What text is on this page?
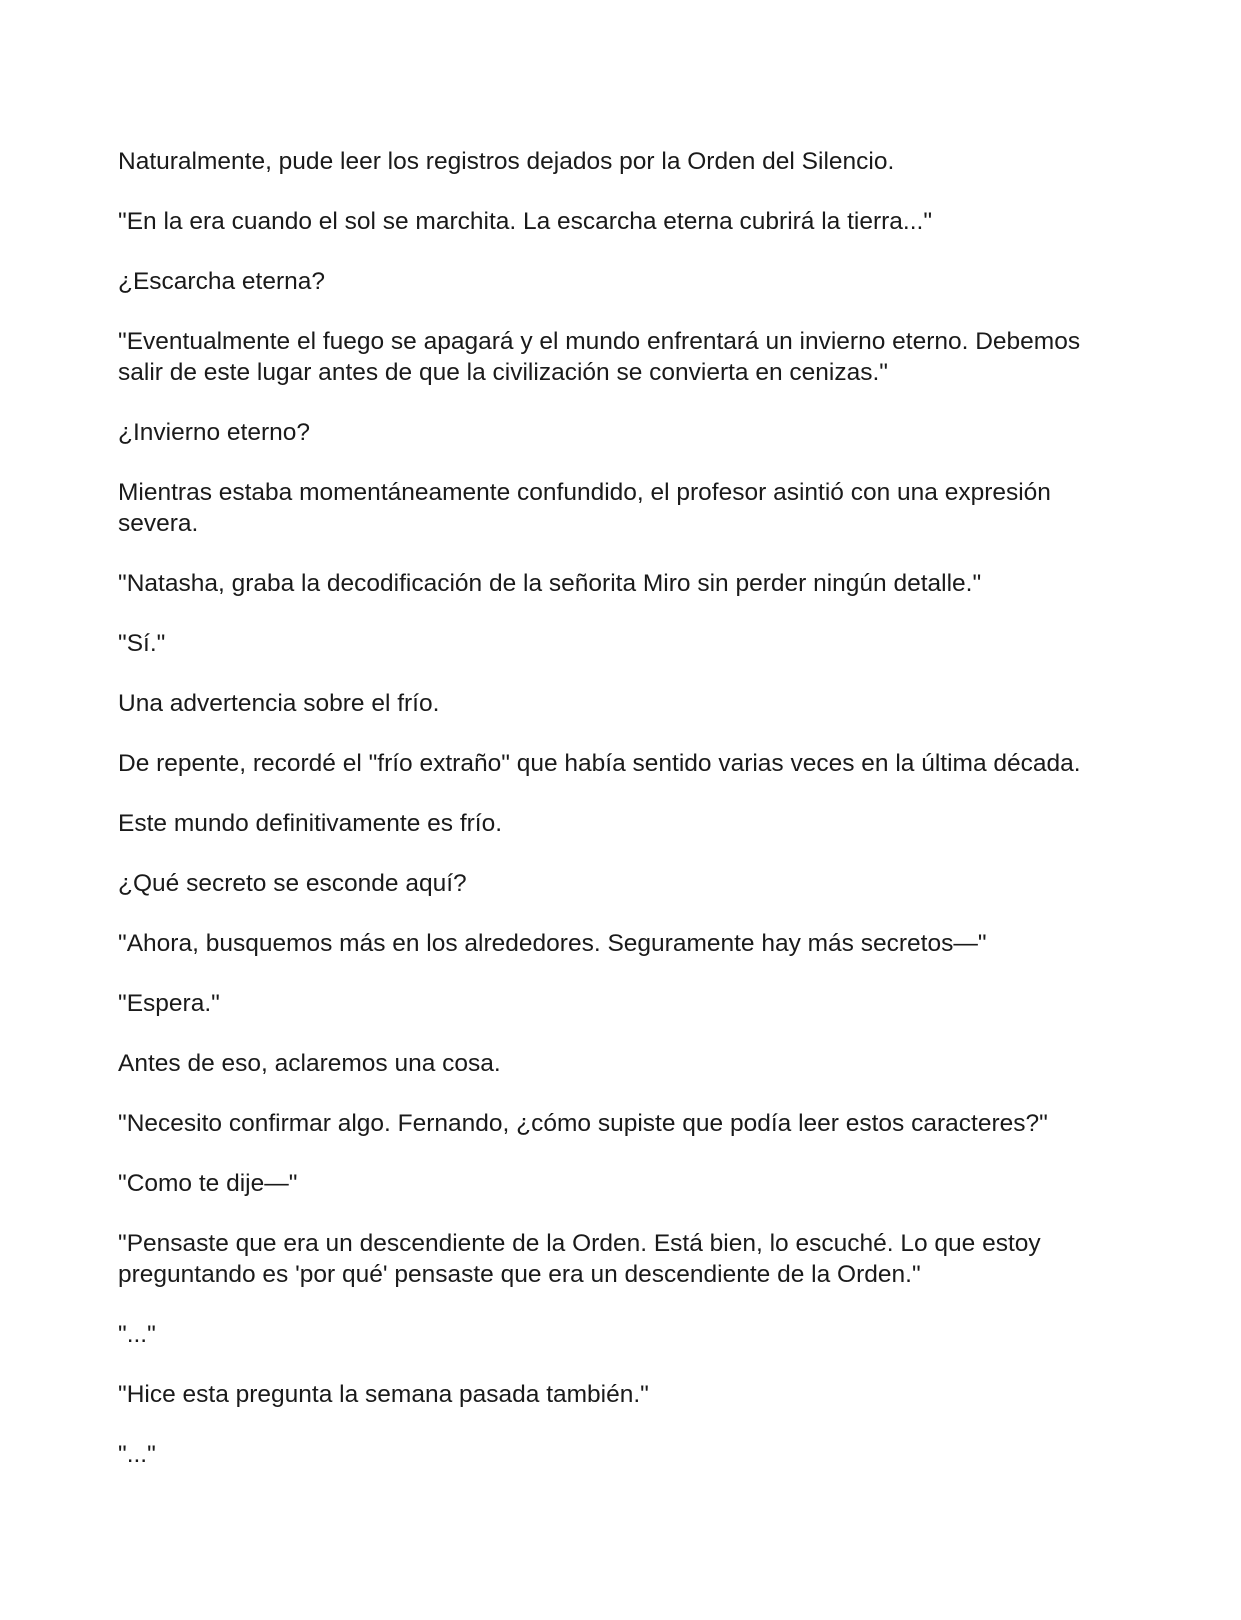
Naturalmente, pude leer los registros dejados por la Orden del Silencio.

"En la era cuando el sol se marchita. La escarcha eterna cubrirá la tierra..."

¿Escarcha eterna?

"Eventualmente el fuego se apagará y el mundo enfrentará un invierno eterno. Debemos salir de este lugar antes de que la civilización se convierta en cenizas."

¿Invierno eterno?

Mientras estaba momentáneamente confundido, el profesor asintió con una expresión severa.

"Natasha, graba la decodificación de la señorita Miro sin perder ningún detalle."

"Sí."

Una advertencia sobre el frío.

De repente, recordé el "frío extraño" que había sentido varias veces en la última década.

Este mundo definitivamente es frío.

¿Qué secreto se esconde aquí?

"Ahora, busquemos más en los alrededores. Seguramente hay más secretos—"

"Espera."

Antes de eso, aclaremos una cosa.

"Necesito confirmar algo. Fernando, ¿cómo supiste que podía leer estos caracteres?"

"Como te dije—"

"Pensaste que era un descendiente de la Orden. Está bien, lo escuché. Lo que estoy preguntando es 'por qué' pensaste que era un descendiente de la Orden."

"..."

"Hice esta pregunta la semana pasada también."

"..."
